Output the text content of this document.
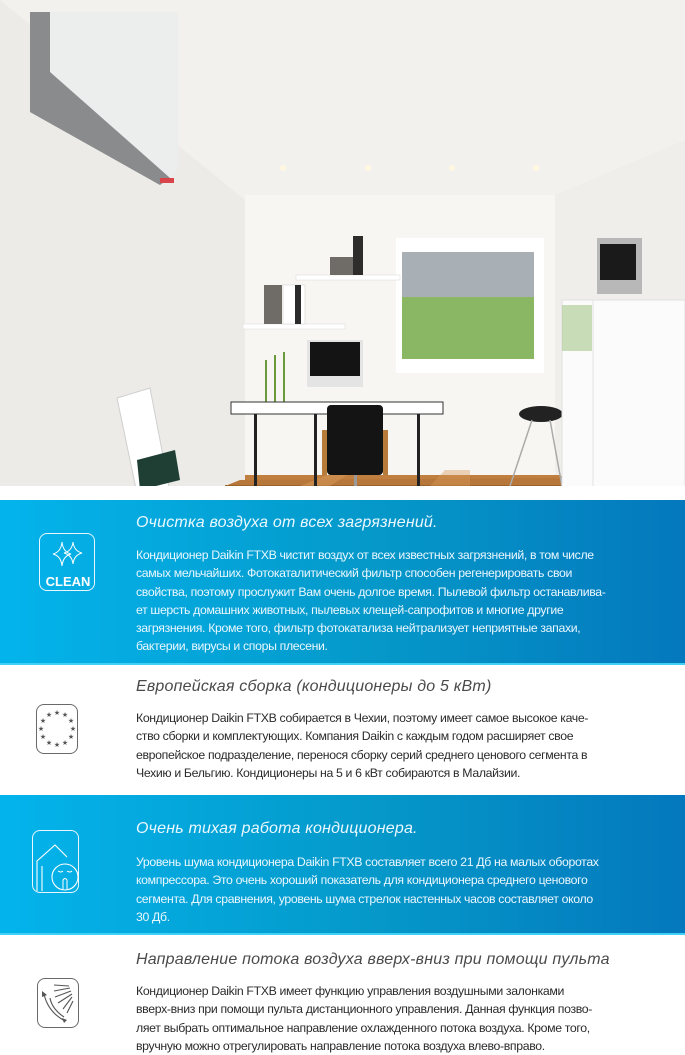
CLEAN
Очистка воздуха от всех загрязнений.
Кондиционер Daikin FTXB чистит воздух от всех известных загрязнений, в том числе
самых мельчайших. Фотокаталитический фильтр способен регенерировать свои
свойства, поэтому прослужит Вам очень долгое время. Пылевой фильтр останавлива-
ет шерсть домашних животных, пылевых клещей-сапрофитов и многие другие
загрязнения. Кроме того, фильтр фотокатализа нейтрализует неприятные запахи,
бактерии, вирусы и споры плесени.
★ ★
★
★
★
★
★
★
★
★
★
★
Европейская сборка (кондиционеры до 5 кВт)
Кондиционер Daikin FTXB собирается в Чехии, поэтому имеет самое высокое каче-
ство сборки и комплектующих. Компания Daikin с каждым годом расширяет свое
европейское подразделение, перенося сборку серий среднего ценового сегмента в
Чехию и Бельгию. Кондиционеры на 5 и 6 кВт собираются в Малайзии.
Очень тихая работа кондиционера.
Уровень шума кондиционера Daikin FTXB составляет всего 21 Дб на малых оборотах
компрессора. Это очень хороший показатель для кондиционера среднего ценового
сегмента. Для сравнения, уровень шума стрелок настенных часов составляет около
30 Дб.
Направление потока воздуха вверх-вниз при помощи пульта
Кондиционер Daikin FTXB имеет функцию управления воздушными залонками
вверх-вниз при помощи пульта дистанционного управления. Данная функция позво-
ляет выбрать оптимальное направление охлажденного потока воздуха. Кроме того,
вручную можно отрегулировать направление потока воздуха влево-вправо.
